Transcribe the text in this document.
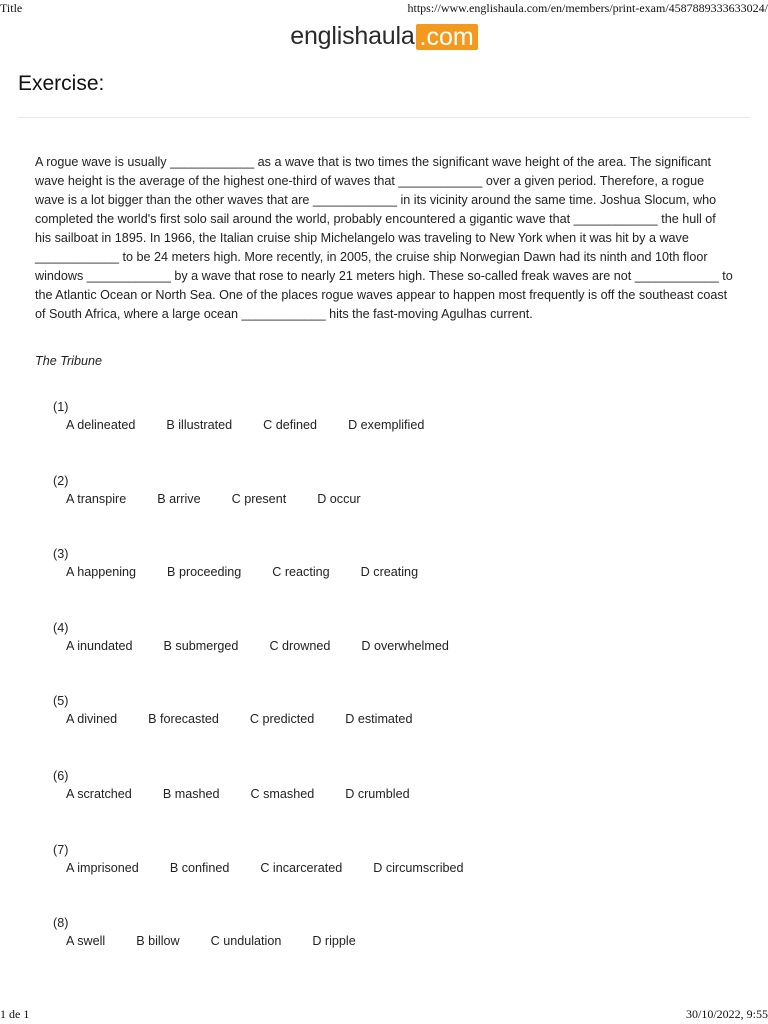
Title	https://www.englishaula.com/en/members/print-exam/4587889333633024/
englishaula .com
Exercise:

A rogue wave is usually ____________ as a wave that is two times the significant wave height of the area. The significant wave height is the average of the highest one-third of waves that ____________ over a given period. Therefore, a rogue wave is a lot bigger than the other waves that are ____________ in its vicinity around the same time. Joshua Slocum, who completed the world's first solo sail around the world, probably encountered a gigantic wave that ____________ the hull of his sailboat in 1895. In 1966, the Italian cruise ship Michelangelo was traveling to New York when it was hit by a wave ____________ to be 24 meters high. More recently, in 2005, the cruise ship Norwegian Dawn had its ninth and 10th floor windows ____________ by a wave that rose to nearly 21 meters high. These so-called freak waves are not ____________ to the Atlantic Ocean or North Sea. One of the places rogue waves appear to happen most frequently is off the southeast coast of South Africa, where a large ocean ____________ hits the fast-moving Agulhas current.

The Tribune
(1)
A delineated B illustrated C defined D exemplified
(2)
A transpire B arrive C present D occur
(3)
A happening B proceeding C reacting D creating
(4)
A inundated B submerged C drowned D overwhelmed
(5)
A divined B forecasted C predicted D estimated
(6)
A scratched B mashed C smashed D crumbled
(7)
A imprisoned B confined C incarcerated D circumscribed
(8)
A swell B billow C undulation D ripple
1 de 1	30/10/2022, 9:55
